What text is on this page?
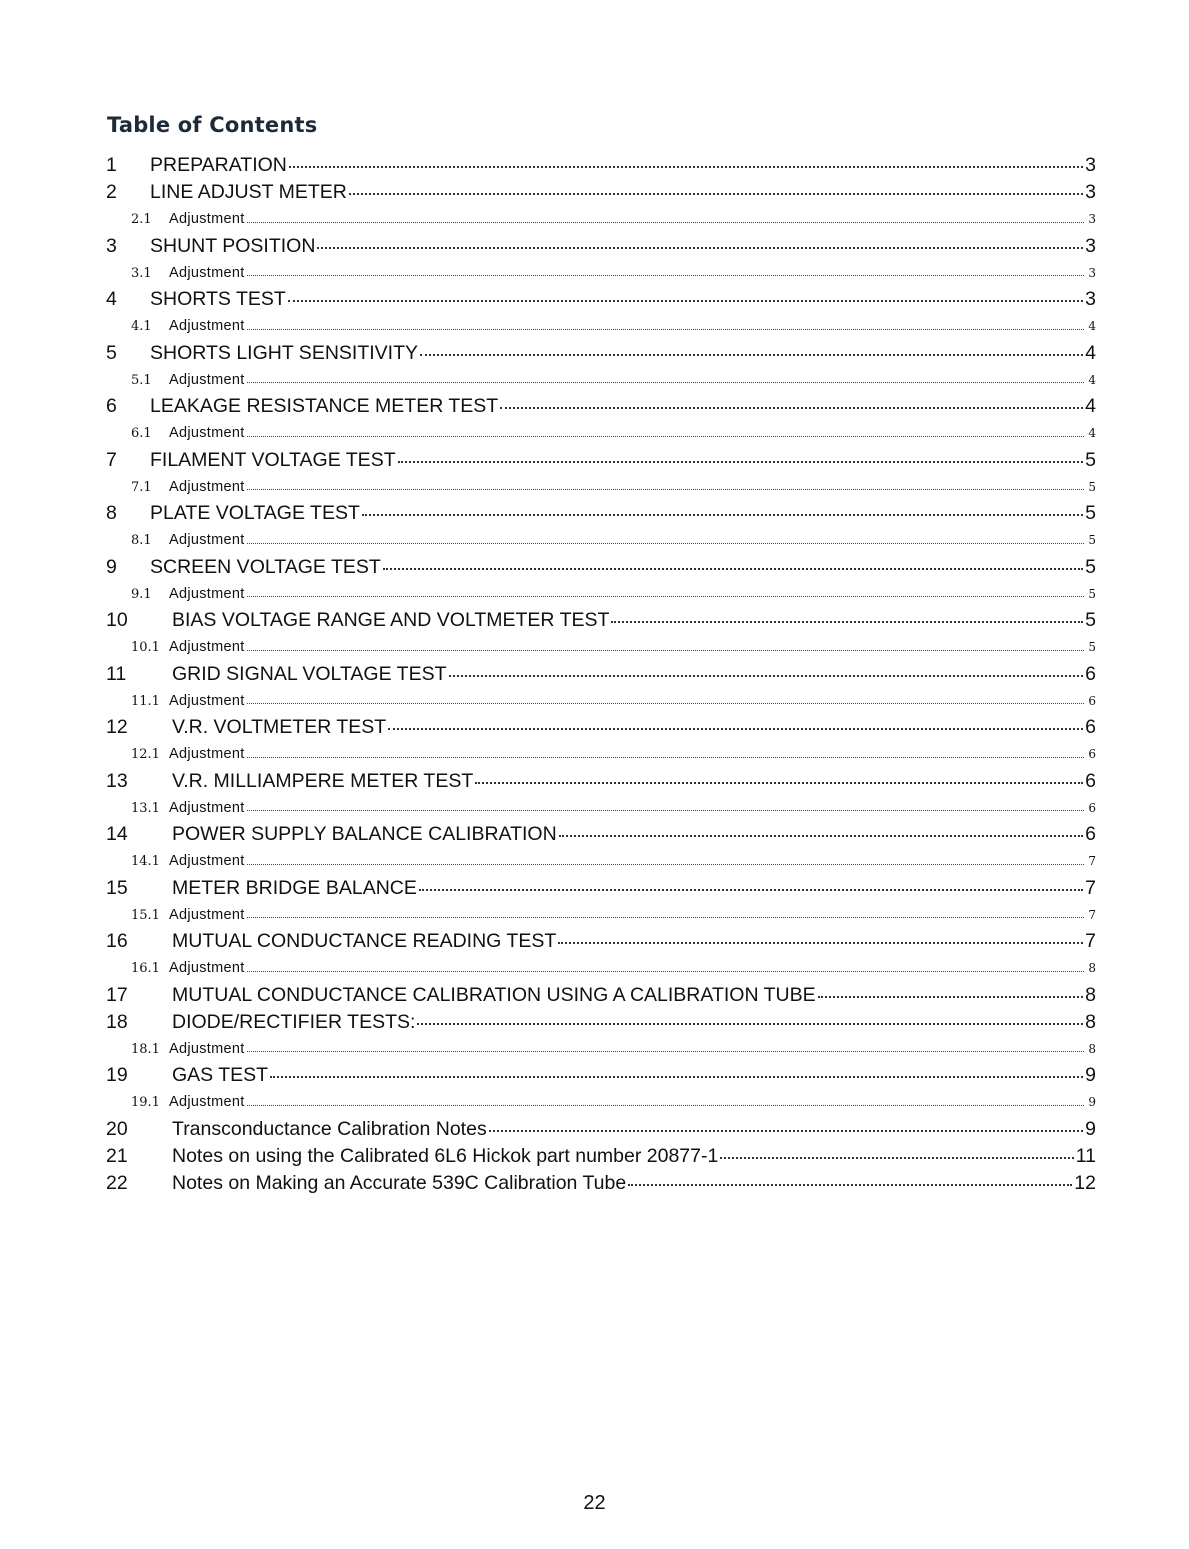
Table of Contents
1	PREPARATION	3
2	LINE ADJUST METER	3
2.1	Adjustment	3
3	SHUNT POSITION	3
3.1	Adjustment	3
4	SHORTS TEST	3
4.1	Adjustment	4
5	SHORTS LIGHT SENSITIVITY	4
5.1	Adjustment	4
6	LEAKAGE RESISTANCE METER TEST	4
6.1	Adjustment	4
7	FILAMENT VOLTAGE TEST	5
7.1	Adjustment	5
8	PLATE VOLTAGE TEST	5
8.1	Adjustment	5
9	SCREEN VOLTAGE TEST	5
9.1	Adjustment	5
10	BIAS VOLTAGE RANGE AND VOLTMETER TEST	5
10.1 Adjustment	5
11	GRID SIGNAL VOLTAGE TEST	6
11.1 Adjustment	6
12	V.R. VOLTMETER TEST	6
12.1 Adjustment	6
13	V.R. MILLIAMPERE METER TEST	6
13.1 Adjustment	6
14	POWER SUPPLY BALANCE CALIBRATION	6
14.1 Adjustment	7
15	METER BRIDGE BALANCE	7
15.1 Adjustment	7
16	MUTUAL CONDUCTANCE READING TEST	7
16.1 Adjustment	8
17	MUTUAL CONDUCTANCE CALIBRATION USING A CALIBRATION TUBE	8
18	DIODE/RECTIFIER TESTS:	8
18.1 Adjustment	8
19	GAS TEST	9
19.1 Adjustment	9
20	Transconductance Calibration Notes	9
21	Notes on using the Calibrated 6L6 Hickok part number 20877-1	11
22	Notes on Making an Accurate 539C Calibration Tube	12
22
